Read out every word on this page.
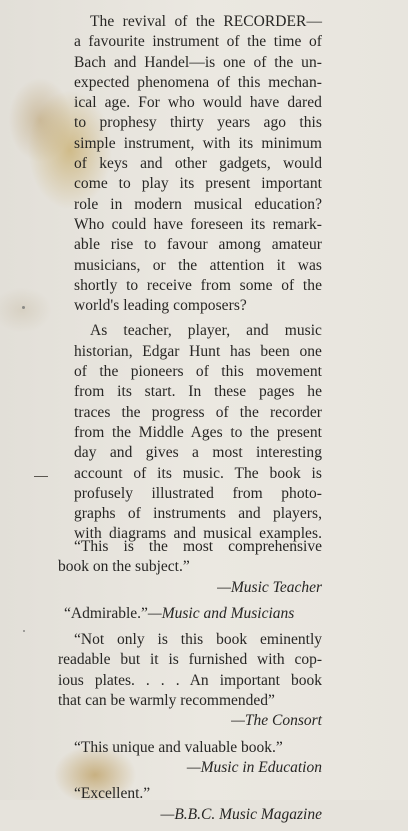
The revival of the RECORDER—
a favourite instrument of the time of
Bach and Handel—is one of the un-
expected phenomena of this mechan-
ical age. For who would have dared
to prophesy thirty years ago this
simple instrument, with its minimum
of keys and other gadgets, would
come to play its present important
role in modern musical education?
Who could have foreseen its remark-
able rise to favour among amateur
musicians, or the attention it was
shortly to receive from some of the
world's leading composers?

As teacher, player, and music
historian, Edgar Hunt has been one
of the pioneers of this movement
from its start. In these pages he
traces the progress of the recorder
from the Middle Ages to the present
day and gives a most interesting
account of its music. The book is
profusely illustrated from photo-
graphs of instruments and players,
with diagrams and musical examples.

“This is the most comprehensive
book on the subject.”
—Music Teacher
“Admirable.”—Music and Musicians
“Not only is this book eminently
readable but it is furnished with cop-
ious plates. . . . An important book
that can be warmly recommended”
—The Consort
“This unique and valuable book.”
—Music in Education
“Excellent.”
—B.B.C. Music Magazine
